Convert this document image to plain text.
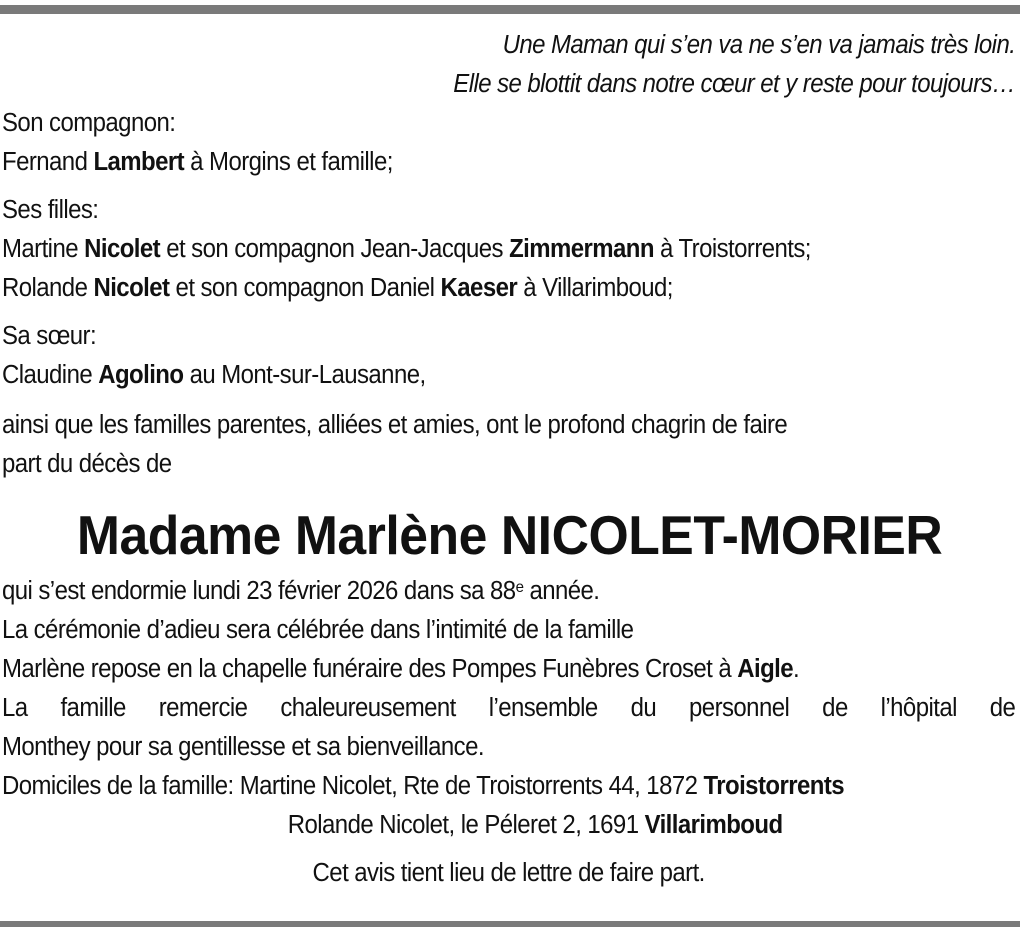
Une Maman qui s’en va ne s’en va jamais très loin.
Elle se blottit dans notre cœur et y reste pour toujours…
Son compagnon:
Fernand Lambert à Morgins et famille;
Ses filles:
Martine Nicolet et son compagnon Jean-Jacques Zimmermann à Troistorrents;
Rolande Nicolet et son compagnon Daniel Kaeser à Villarimboud;
Sa sœur:
Claudine Agolino au Mont-sur-Lausanne,
ainsi que les familles parentes, alliées et amies, ont le profond chagrin de faire
part du décès de
Madame Marlène NICOLET-MORIER
qui s’est endormie lundi 23 février 2026 dans sa 88e année.
La cérémonie d’adieu sera célébrée dans l’intimité de la famille
Marlène repose en la chapelle funéraire des Pompes Funèbres Croset à Aigle.
La famille remercie chaleureusement l’ensemble du personnel de l’hôpital de
Monthey pour sa gentillesse et sa bienveillance.
Domiciles de la famille: Martine Nicolet, Rte de Troistorrents 44, 1872 Troistorrents
Rolande Nicolet, le Péleret 2, 1691 Villarimboud
Cet avis tient lieu de lettre de faire part.
